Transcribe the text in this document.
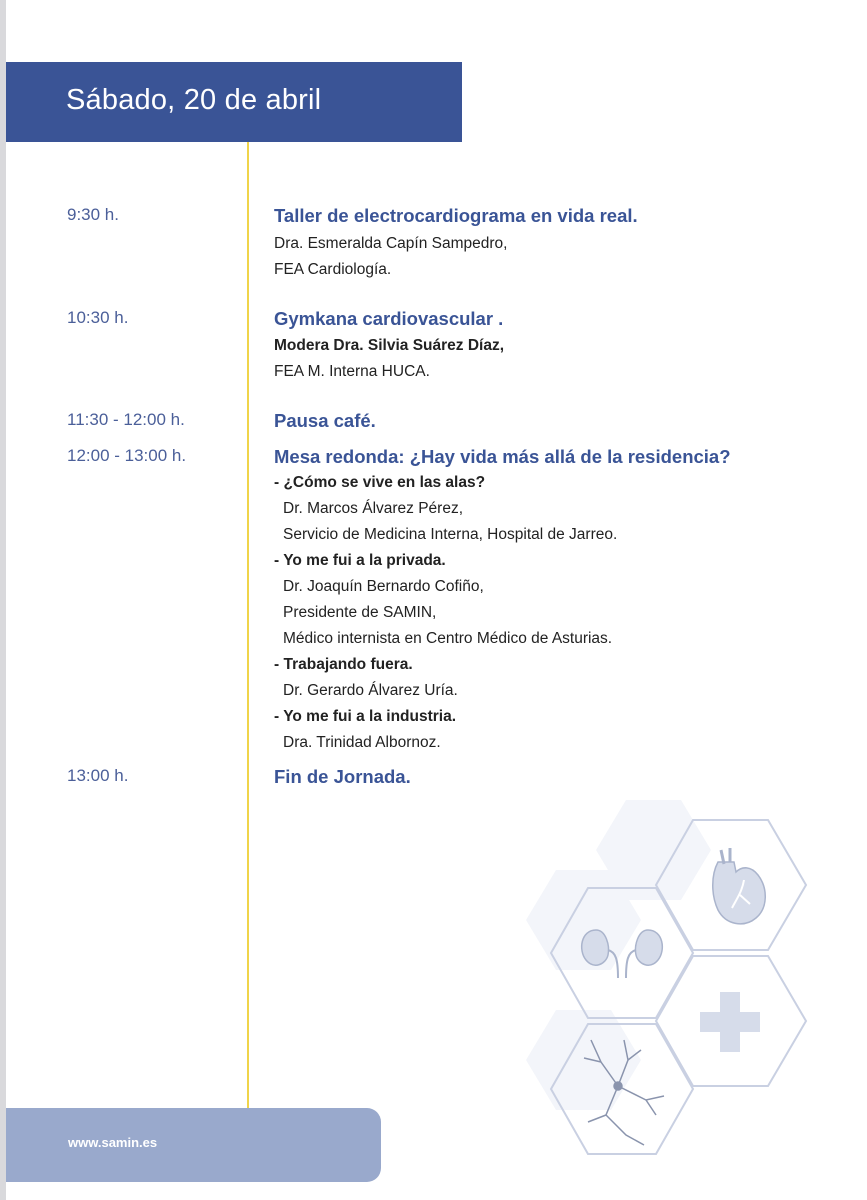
Sábado, 20 de abril
9:30 h.	Taller de electrocardiograma en vida real.
Dra. Esmeralda Capín Sampedro,
FEA Cardiología.
10:30 h.	Gymkana cardiovascular .
Modera Dra. Silvia Suárez Díaz,
FEA M. Interna HUCA.
11:30 - 12:00 h.	Pausa café.
12:00 - 13:00 h.	Mesa redonda: ¿Hay vida más allá de la residencia?
- ¿Cómo se vive en las alas?
Dr. Marcos Álvarez Pérez,
Servicio de Medicina Interna, Hospital de Jarreo.
- Yo me fui a la privada.
Dr. Joaquín Bernardo Cofiño,
Presidente de SAMIN,
Médico internista en Centro Médico de Asturias.
- Trabajando fuera.
Dr. Gerardo Álvarez Uría.
- Yo me fui a la industria.
Dra. Trinidad Albornoz.
13:00 h.	Fin de Jornada.
www.samin.es
